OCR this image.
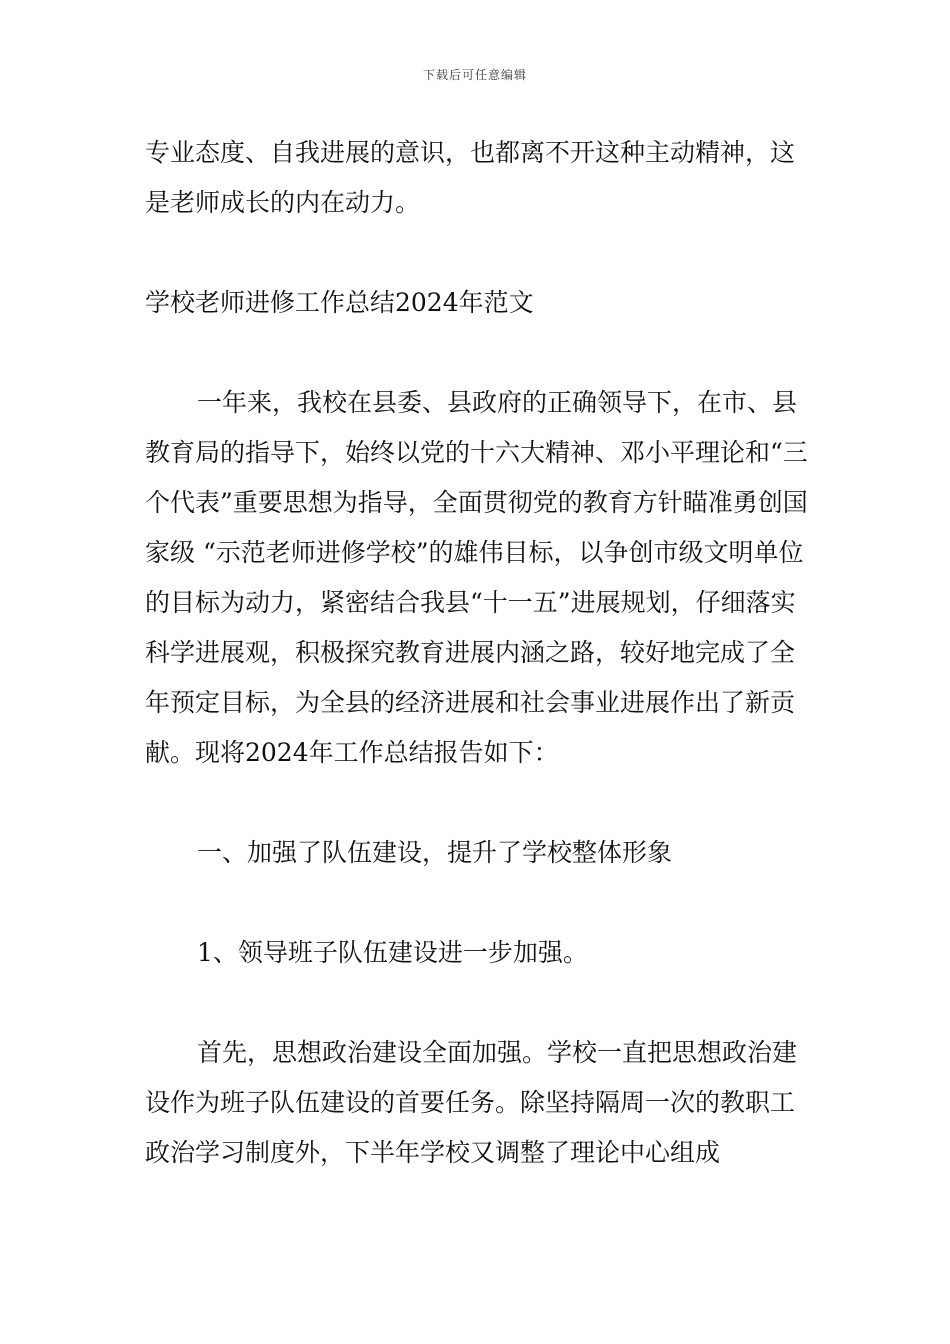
下载后可任意编辑

专业态度、自我进展的意识，也都离不开这种主动精神，这是老师成长的内在动力。

学校老师进修工作总结2024年范文

一年来，我校在县委、县政府的正确领导下，在市、县教育局的指导下，始终以党的十六大精神、邓小平理论和“三个代表”重要思想为指导，全面贯彻党的教育方针瞄准勇创国家级 “示范老师进修学校”的雄伟目标，以争创市级文明单位的目标为动力，紧密结合我县“十一五”进展规划，仔细落实科学进展观，积极探究教育进展内涵之路，较好地完成了全年预定目标，为全县的经济进展和社会事业进展作出了新贡献。现将2024年工作总结报告如下：

一、加强了队伍建设，提升了学校整体形象

1、领导班子队伍建设进一步加强。

首先，思想政治建设全面加强。学校一直把思想政治建设作为班子队伍建设的首要任务。除坚持隔周一次的教职工政治学习制度外，下半年学校又调整了理论中心组成
